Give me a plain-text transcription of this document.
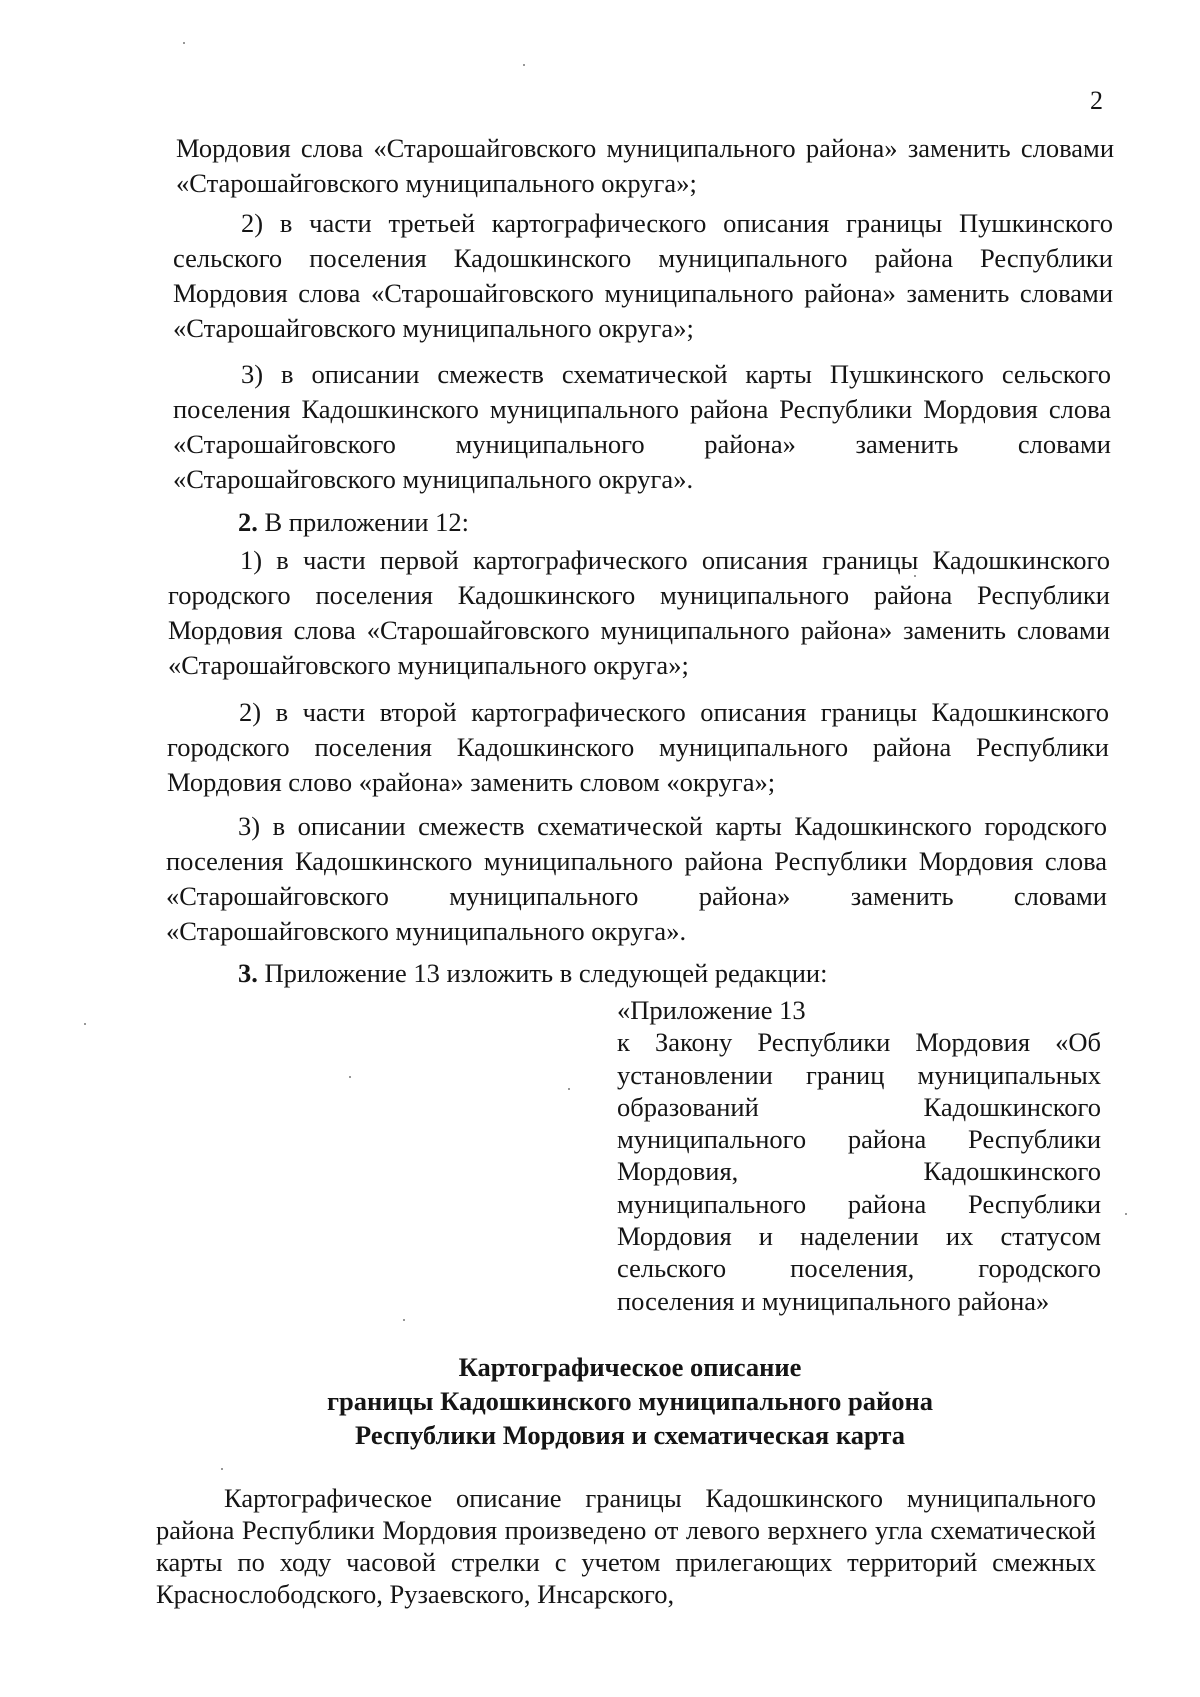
2

Мордовия слова «Старошайговского муниципального района» заменить словами «Старошайговского муниципального округа»;

2) в части третьей картографического описания границы Пушкинского сельского поселения Кадошкинского муниципального района Республики Мордовия слова «Старошайговского муниципального района» заменить словами «Старошайговского муниципального округа»;

3) в описании смежеств схематической карты Пушкинского сельского поселения Кадошкинского муниципального района Республики Мордовия слова «Старошайговского муниципального района» заменить словами «Старошайговского муниципального округа».

2. В приложении 12:

1) в части первой картографического описания границы Кадошкинского городского поселения Кадошкинского муниципального района Республики Мордовия слова «Старошайговского муниципального района» заменить словами «Старошайговского муниципального округа»;

2) в части второй картографического описания границы Кадошкинского городского поселения Кадошкинского муниципального района Республики Мордовия слово «района» заменить словом «округа»;

3) в описании смежеств схематической карты Кадошкинского городского поселения Кадошкинского муниципального района Республики Мордовия слова «Старошайговского муниципального района» заменить словами «Старошайговского муниципального округа».

3. Приложение 13 изложить в следующей редакции:

«Приложение 13
к Закону Республики Мордовия «Об установлении границ муниципальных образований Кадошкинского муниципального района Республики Мордовия, Кадошкинского муниципального района Республики Мордовия и наделении их статусом сельского поселения, городского поселения и муниципального района»
Картографическое описание
границы Кадошкинского муниципального района
Республики Мордовия и схематическая карта

Картографическое описание границы Кадошкинского муниципального района Республики Мордовия произведено от левого верхнего угла схематической карты по ходу часовой стрелки с учетом прилегающих территорий смежных Краснослободского, Рузаевского, Инсарского,
